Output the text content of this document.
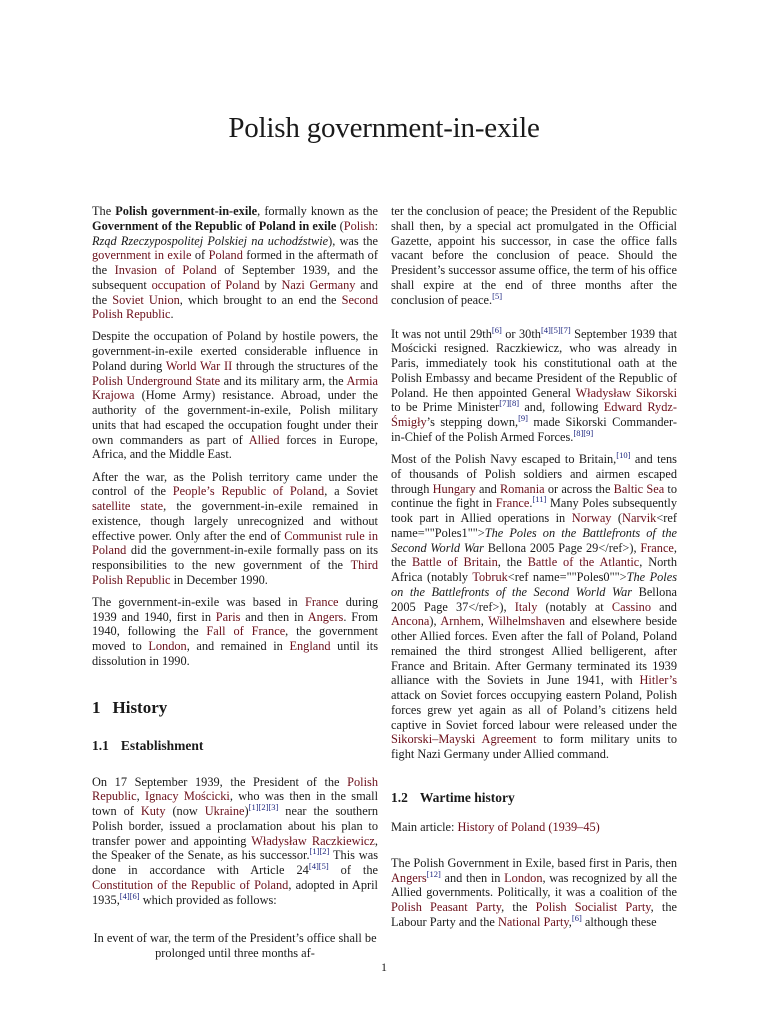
Polish government-in-exile

The Polish government-in-exile, formally known as the Government of the Republic of Poland in exile (Polish: Rząd Rzeczypospolitej Polskiej na uchodźstwie), was the government in exile of Poland formed in the aftermath of the Invasion of Poland of September 1939, and the subsequent occupation of Poland by Nazi Germany and the Soviet Union, which brought to an end the Second Polish Republic.

Despite the occupation of Poland by hostile powers, the government-in-exile exerted considerable influence in Poland during World War II through the structures of the Polish Underground State and its military arm, the Armia Krajowa (Home Army) resistance. Abroad, under the authority of the government-in-exile, Polish military units that had escaped the occupation fought under their own commanders as part of Allied forces in Europe, Africa, and the Middle East.

After the war, as the Polish territory came under the control of the People’s Republic of Poland, a Soviet satellite state, the government-in-exile remained in existence, though largely unrecognized and without effective power. Only after the end of Communist rule in Poland did the government-in-exile formally pass on its responsibilities to the new government of the Third Polish Republic in December 1990.

The government-in-exile was based in France during 1939 and 1940, first in Paris and then in Angers. From 1940, following the Fall of France, the government moved to London, and remained in England until its dissolution in 1990.

1 History
1.1 Establishment

On 17 September 1939, the President of the Polish Republic, Ignacy Mościcki, who was then in the small town of Kuty (now Ukraine)[1][2][3] near the southern Polish border, issued a proclamation about his plan to transfer power and appointing Władysław Raczkiewicz, the Speaker of the Senate, as his successor.[1][2] This was done in accordance with Article 24[4][5] of the Constitution of the Republic of Poland, adopted in April 1935,[4][6] which provided as follows:

In event of war, the term of the President’s office shall be prolonged until three months af-

ter the conclusion of peace; the President of the Republic shall then, by a special act promulgated in the Official Gazette, appoint his successor, in case the office falls vacant before the conclusion of peace. Should the President’s successor assume office, the term of his office shall expire at the end of three months after the conclusion of peace.[5]

It was not until 29th[6] or 30th[4][5][7] September 1939 that Mościcki resigned. Raczkiewicz, who was already in Paris, immediately took his constitutional oath at the Polish Embassy and became President of the Republic of Poland. He then appointed General Władysław Sikorski to be Prime Minister[7][8] and, following Edward Rydz-Śmigły’s stepping down,[9] made Sikorski Commander-in-Chief of the Polish Armed Forces.[8][9]

Most of the Polish Navy escaped to Britain,[10] and tens of thousands of Polish soldiers and airmen escaped through Hungary and Romania or across the Baltic Sea to continue the fight in France.[11] Many Poles subsequently took part in Allied operations in Norway (Narvik<ref name=""Poles1"">The Poles on the Battlefronts of the Second World War Bellona 2005 Page 29</ref>), France, the Battle of Britain, the Battle of the Atlantic, North Africa (notably Tobruk<ref name=""Poles0"">The Poles on the Battlefronts of the Second World War Bellona 2005 Page 37</ref>), Italy (notably at Cassino and Ancona), Arnhem, Wilhelmshaven and elsewhere beside other Allied forces. Even after the fall of Poland, Poland remained the third strongest Allied belligerent, after France and Britain. After Germany terminated its 1939 alliance with the Soviets in June 1941, with Hitler’s attack on Soviet forces occupying eastern Poland, Polish forces grew yet again as all of Poland’s citizens held captive in Soviet forced labour were released under the Sikorski–Mayski Agreement to form military units to fight Nazi Germany under Allied command.

1.2 Wartime history

Main article: History of Poland (1939–45)

The Polish Government in Exile, based first in Paris, then Angers[12] and then in London, was recognized by all the Allied governments. Politically, it was a coalition of the Polish Peasant Party, the Polish Socialist Party, the Labour Party and the National Party,[6] although these

1
